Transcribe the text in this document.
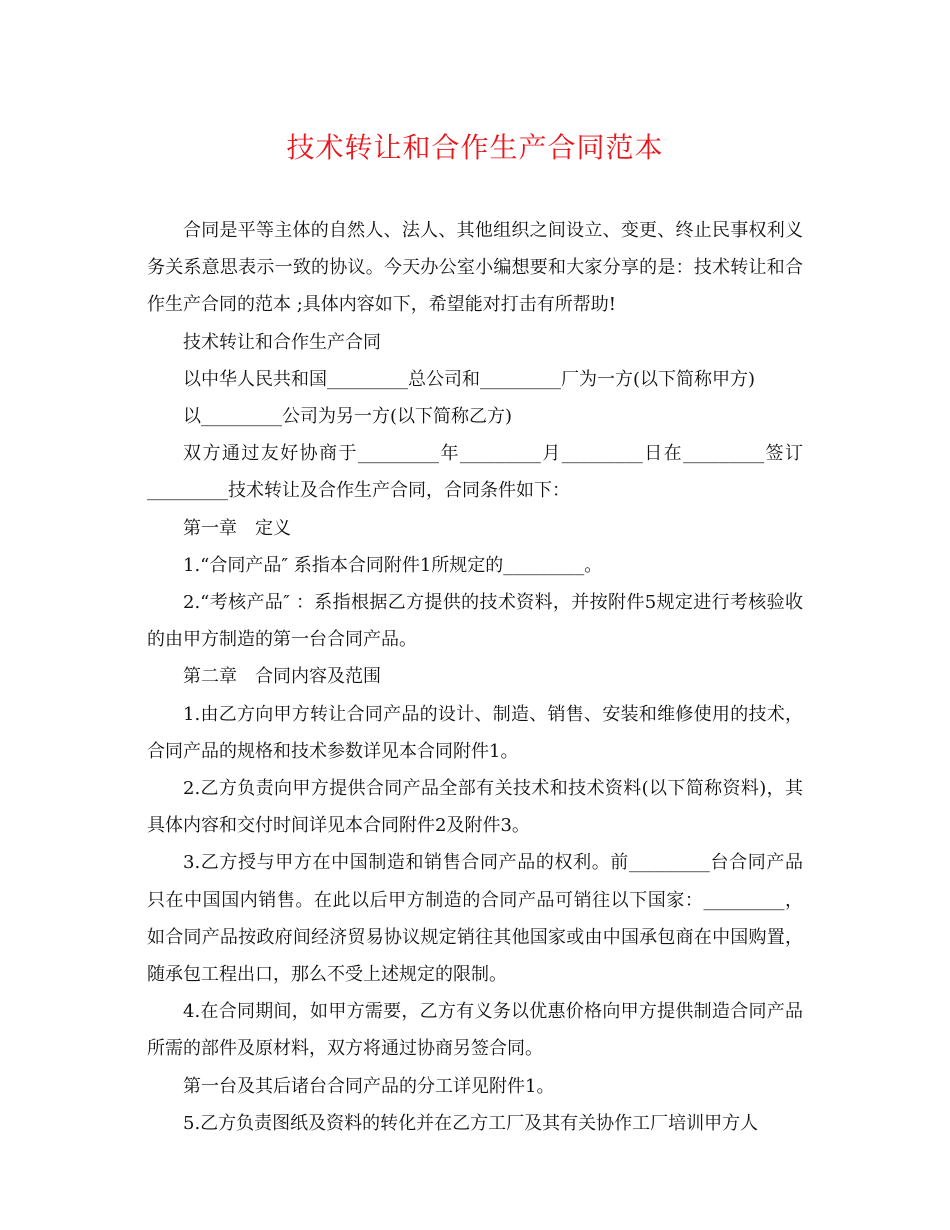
技术转让和合作生产合同范本

合同是平等主体的自然人、法人、其他组织之间设立、变更、终止民事权利义务关系意思表示一致的协议。今天办公室小编想要和大家分享的是：技术转让和合作生产合同的范本 ;具体内容如下，希望能对打击有所帮助!

技术转让和合作生产合同

以中华人民共和国_________总公司和_________厂为一方(以下简称甲方)

以_________公司为另一方(以下简称乙方)

双方通过友好协商于_________年_________月_________日在_________签订_________技术转让及合作生产合同，合同条件如下：

第一章　定义

1.“合同产品″ 系指本合同附件1所规定的_________。

2.“考核产品″ ：系指根据乙方提供的技术资料，并按附件5规定进行考核验收的由甲方制造的第一台合同产品。

第二章　合同内容及范围

1.由乙方向甲方转让合同产品的设计、制造、销售、安装和维修使用的技术，合同产品的规格和技术参数详见本合同附件1。

2.乙方负责向甲方提供合同产品全部有关技术和技术资料(以下简称资料)，其具体内容和交付时间详见本合同附件2及附件3。

3.乙方授与甲方在中国制造和销售合同产品的权利。前_________台合同产品只在中国国内销售。在此以后甲方制造的合同产品可销往以下国家：_________，如合同产品按政府间经济贸易协议规定销往其他国家或由中国承包商在中国购置，随承包工程出口，那么不受上述规定的限制。

4.在合同期间，如甲方需要，乙方有义务以优惠价格向甲方提供制造合同产品所需的部件及原材料，双方将通过协商另签合同。

第一台及其后诸台合同产品的分工详见附件1。

5.乙方负责图纸及资料的转化并在乙方工厂及其有关协作工厂培训甲方人
